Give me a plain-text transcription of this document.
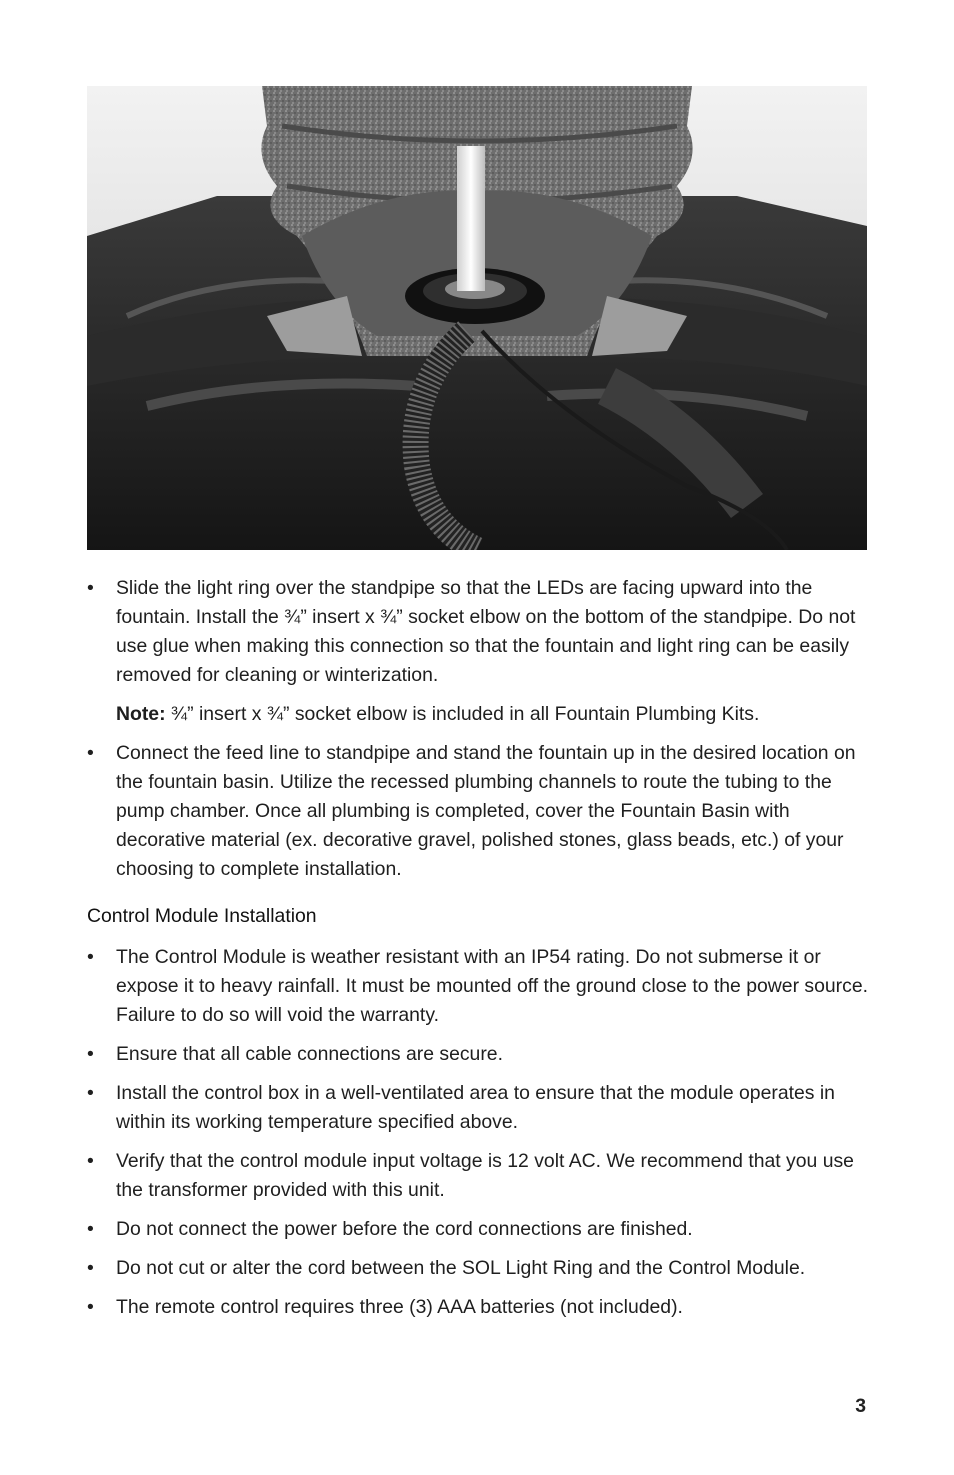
• Slide the light ring over the standpipe so that the LEDs are facing upward into the fountain. Install the ¾” insert x ¾” socket elbow on the bottom of the standpipe. Do not use glue when making this connection so that the fountain and light ring can be easily removed for cleaning or winterization.
Note: ¾” insert x ¾” socket elbow is included in all Fountain Plumbing Kits.
• Connect the feed line to standpipe and stand the fountain up in the desired location on the fountain basin. Utilize the recessed plumbing channels to route the tubing to the pump chamber. Once all plumbing is completed, cover the Fountain Basin with decorative material (ex. decorative gravel, polished stones, glass beads, etc.) of your choosing to complete installation.
Control Module Installation
• The Control Module is weather resistant with an IP54 rating. Do not submerse it or expose it to heavy rainfall. It must be mounted off the ground close to the power source. Failure to do so will void the warranty.
• Ensure that all cable connections are secure.
• Install the control box in a well-ventilated area to ensure that the module operates in within its working temperature specified above.
• Verify that the control module input voltage is 12 volt AC. We recommend that you use the transformer provided with this unit.
• Do not connect the power before the cord connections are finished.
• Do not cut or alter the cord between the SOL Light Ring and the Control Module.
• The remote control requires three (3) AAA batteries (not included).
3
